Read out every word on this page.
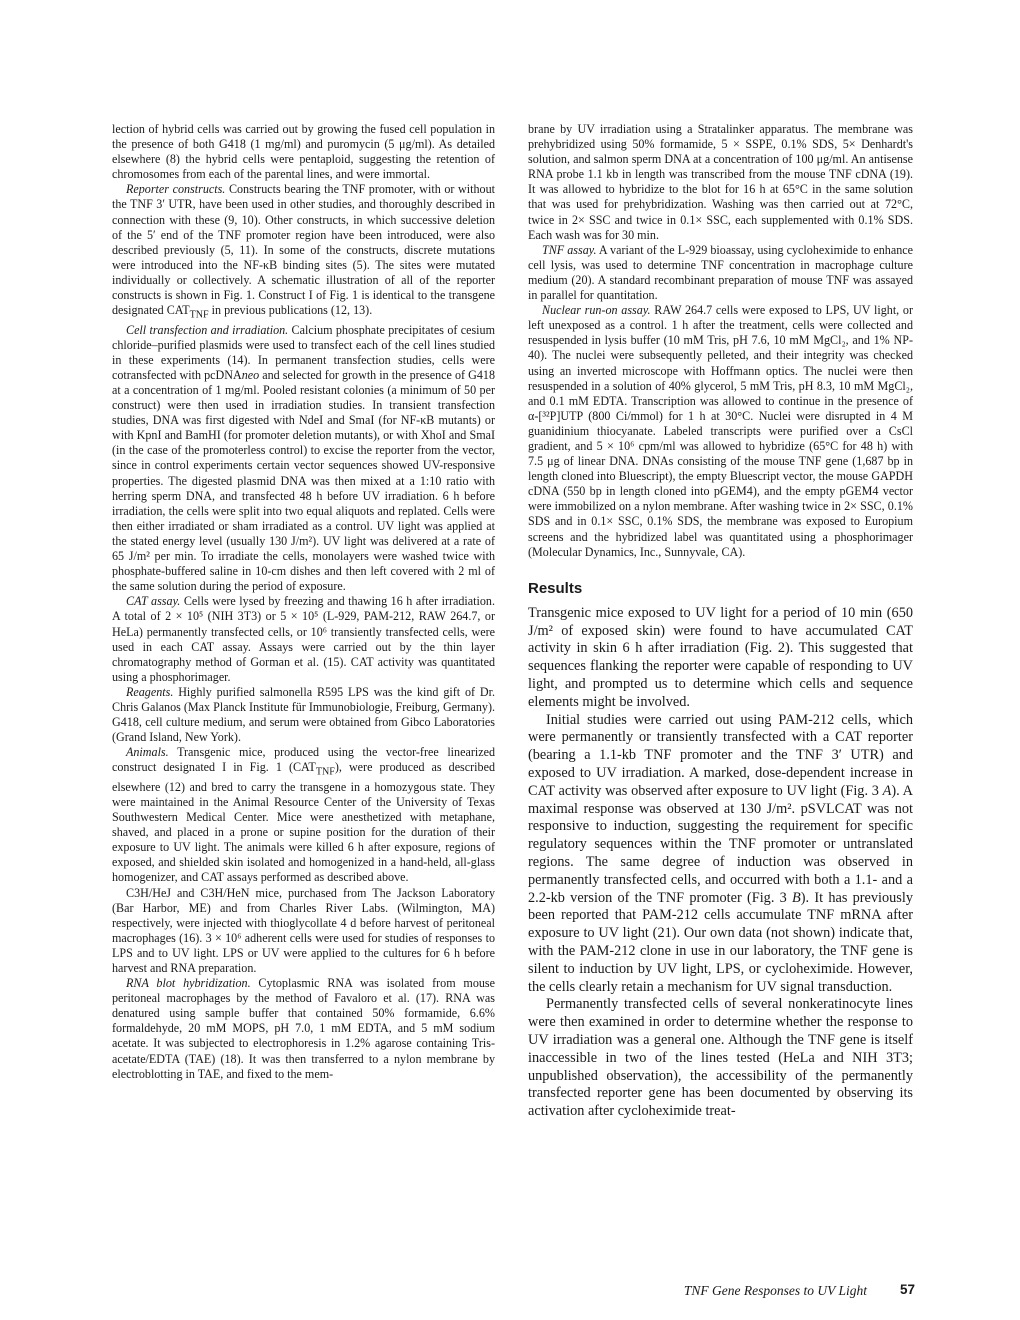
lection of hybrid cells was carried out by growing the fused cell population in the presence of both G418 (1 mg/ml) and puromycin (5 μg/ml). As detailed elsewhere (8) the hybrid cells were pentaploid, suggesting the retention of chromosomes from each of the parental lines, and were immortal.

Reporter constructs. Constructs bearing the TNF promoter, with or without the TNF 3′ UTR, have been used in other studies, and thoroughly described in connection with these (9, 10). Other constructs, in which successive deletion of the 5′ end of the TNF promoter region have been introduced, were also described previously (5, 11). In some of the constructs, discrete mutations were introduced into the NF-κB binding sites (5). The sites were mutated individually or collectively. A schematic illustration of all of the reporter constructs is shown in Fig. 1. Construct I of Fig. 1 is identical to the transgene designated $CAT_{TNF}$ in previous publications (12, 13).

Cell transfection and irradiation. Calcium phosphate precipitates of cesium chloride–purified plasmids were used to transfect each of the cell lines studied in these experiments (14). In permanent transfection studies, cells were cotransfected with pcDNAneo and selected for growth in the presence of G418 at a concentration of 1 mg/ml. Pooled resistant colonies (a minimum of 50 per construct) were then used in irradiation studies. In transient transfection studies, DNA was first digested with NdeI and SmaI (for NF-κB mutants) or with KpnI and BamHI (for promoter deletion mutants), or with XhoI and SmaI (in the case of the promoterless control) to excise the reporter from the vector, since in control experiments certain vector sequences showed UV-responsive properties. The digested plasmid DNA was then mixed at a 1:10 ratio with herring sperm DNA, and transfected 48 h before UV irradiation. 6 h before irradiation, the cells were split into two equal aliquots and replated. Cells were then either irradiated or sham irradiated as a control. UV light was applied at the stated energy level (usually 130 J/m²). UV light was delivered at a rate of 65 J/m² per min. To irradiate the cells, monolayers were washed twice with phosphate-buffered saline in 10-cm dishes and then left covered with 2 ml of the same solution during the period of exposure.

CAT assay. Cells were lysed by freezing and thawing 16 h after irradiation. A total of 2 × 10⁵ (NIH 3T3) or 5 × 10⁵ (L-929, PAM-212, RAW 264.7, or HeLa) permanently transfected cells, or 10⁶ transiently transfected cells, were used in each CAT assay. Assays were carried out by the thin layer chromatography method of Gorman et al. (15). CAT activity was quantitated using a phosphorimager.

Reagents. Highly purified salmonella R595 LPS was the kind gift of Dr. Chris Galanos (Max Planck Institute für Immunobiologie, Freiburg, Germany). G418, cell culture medium, and serum were obtained from Gibco Laboratories (Grand Island, New York).

Animals. Transgenic mice, produced using the vector-free linearized construct designated I in Fig. 1 $(CAT_{TNF})$, were produced as described elsewhere (12) and bred to carry the transgene in a homozygous state. They were maintained in the Animal Resource Center of the University of Texas Southwestern Medical Center. Mice were anesthetized with metaphane, shaved, and placed in a prone or supine position for the duration of their exposure to UV light. The animals were killed 6 h after exposure, regions of exposed, and shielded skin isolated and homogenized in a hand-held, all-glass homogenizer, and CAT assays performed as described above.

C3H/HeJ and C3H/HeN mice, purchased from The Jackson Laboratory (Bar Harbor, ME) and from Charles River Labs. (Wilmington, MA) respectively, were injected with thioglycollate 4 d before harvest of peritoneal macrophages (16). 3 × 10⁶ adherent cells were used for studies of responses to LPS and to UV light. LPS or UV were applied to the cultures for 6 h before harvest and RNA preparation.

RNA blot hybridization. Cytoplasmic RNA was isolated from mouse peritoneal macrophages by the method of Favaloro et al. (17). RNA was denatured using sample buffer that contained 50% formamide, 6.6% formaldehyde, 20 mM MOPS, pH 7.0, 1 mM EDTA, and 5 mM sodium acetate. It was subjected to electrophoresis in 1.2% agarose containing Tris-acetate/EDTA (TAE) (18). It was then transferred to a nylon membrane by electroblotting in TAE, and fixed to the mem-

brane by UV irradiation using a Stratalinker apparatus. The membrane was prehybridized using 50% formamide, 5 × SSPE, 0.1% SDS, 5× Denhardt's solution, and salmon sperm DNA at a concentration of 100 μg/ml. An antisense RNA probe 1.1 kb in length was transcribed from the mouse TNF cDNA (19). It was allowed to hybridize to the blot for 16 h at 65°C in the same solution that was used for prehybridization. Washing was then carried out at 72°C, twice in 2× SSC and twice in 0.1× SSC, each supplemented with 0.1% SDS. Each wash was for 30 min.

TNF assay. A variant of the L-929 bioassay, using cycloheximide to enhance cell lysis, was used to determine TNF concentration in macrophage culture medium (20). A standard recombinant preparation of mouse TNF was assayed in parallel for quantitation.

Nuclear run-on assay. RAW 264.7 cells were exposed to LPS, UV light, or left unexposed as a control. 1 h after the treatment, cells were collected and resuspended in lysis buffer (10 mM Tris, pH 7.6, 10 mM MgCl₂, and 1% NP-40). The nuclei were subsequently pelleted, and their integrity was checked using an inverted microscope with Hoffmann optics. The nuclei were then resuspended in a solution of 40% glycerol, 5 mM Tris, pH 8.3, 10 mM MgCl₂, and 0.1 mM EDTA. Transcription was allowed to continue in the presence of α-[³²P]UTP (800 Ci/mmol) for 1 h at 30°C. Nuclei were disrupted in 4 M guanidinium thiocyanate. Labeled transcripts were purified over a CsCl gradient, and 5 × 10⁶ cpm/ml was allowed to hybridize (65°C for 48 h) with 7.5 μg of linear DNA. DNAs consisting of the mouse TNF gene (1,687 bp in length cloned into Bluescript), the empty Bluescript vector, the mouse GAPDH cDNA (550 bp in length cloned into pGEM4), and the empty pGEM4 vector were immobilized on a nylon membrane. After washing twice in 2× SSC, 0.1% SDS and in 0.1× SSC, 0.1% SDS, the membrane was exposed to Europium screens and the hybridized label was quantitated using a phosphorimager (Molecular Dynamics, Inc., Sunnyvale, CA).

Results

Transgenic mice exposed to UV light for a period of 10 min (650 J/m² of exposed skin) were found to have accumulated CAT activity in skin 6 h after irradiation (Fig. 2). This suggested that sequences flanking the reporter were capable of responding to UV light, and prompted us to determine which cells and sequence elements might be involved.

Initial studies were carried out using PAM-212 cells, which were permanently or transiently transfected with a CAT reporter (bearing a 1.1-kb TNF promoter and the TNF 3′ UTR) and exposed to UV irradiation. A marked, dose-dependent increase in CAT activity was observed after exposure to UV light (Fig. 3 A). A maximal response was observed at 130 J/m². pSVLCAT was not responsive to induction, suggesting the requirement for specific regulatory sequences within the TNF promoter or untranslated regions. The same degree of induction was observed in permanently transfected cells, and occurred with both a 1.1- and a 2.2-kb version of the TNF promoter (Fig. 3 B). It has previously been reported that PAM-212 cells accumulate TNF mRNA after exposure to UV light (21). Our own data (not shown) indicate that, with the PAM-212 clone in use in our laboratory, the TNF gene is silent to induction by UV light, LPS, or cycloheximide. However, the cells clearly retain a mechanism for UV signal transduction.

Permanently transfected cells of several nonkeratinocyte lines were then examined in order to determine whether the response to UV irradiation was a general one. Although the TNF gene is itself inaccessible in two of the lines tested (HeLa and NIH 3T3; unpublished observation), the accessibility of the permanently transfected reporter gene has been documented by observing its activation after cycloheximide treat-

TNF Gene Responses to UV Light 57
